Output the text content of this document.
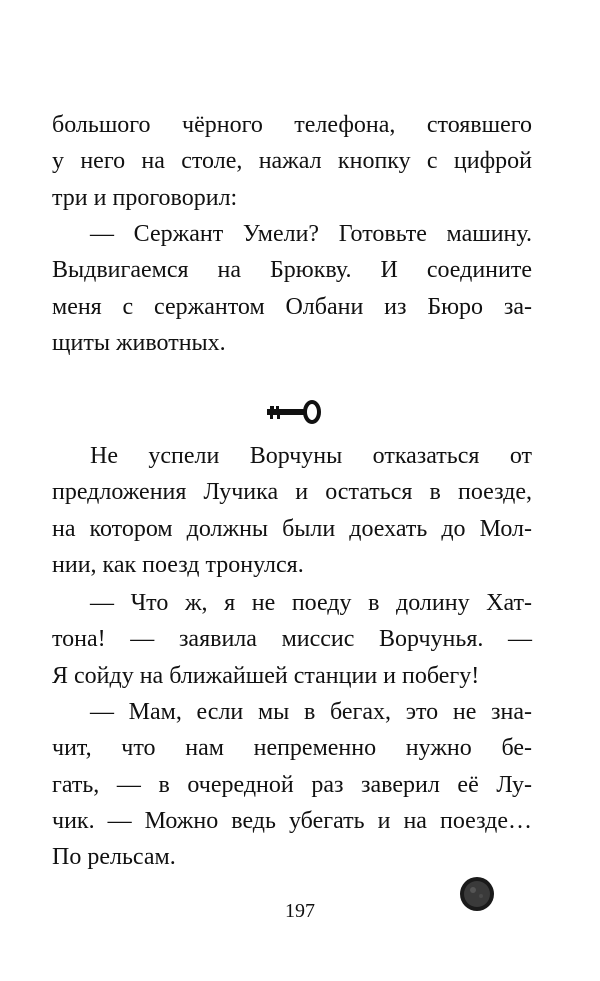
большого чёрного телефона, стоявшего
у него на столе, нажал кнопку с цифрой
три и проговорил:

— Сержант Умели? Готовьте машину.
Выдвигаемся на Брюкву. И соедините
меня с сержантом Олбани из Бюро за-
щиты животных.

Не успели Ворчуны отказаться от
предложения Лучика и остаться в поезде,
на котором должны были доехать до Мол-
нии, как поезд тронулся.

— Что ж, я не поеду в долину Хат-
тона! — заявила миссис Ворчунья. —
Я сойду на ближайшей станции и побегу!

— Мам, если мы в бегах, это не зна-
чит, что нам непременно нужно бе-
гать, — в очередной раз заверил её Лу-
чик. — Можно ведь убегать и на поезде…
По рельсам.

197
